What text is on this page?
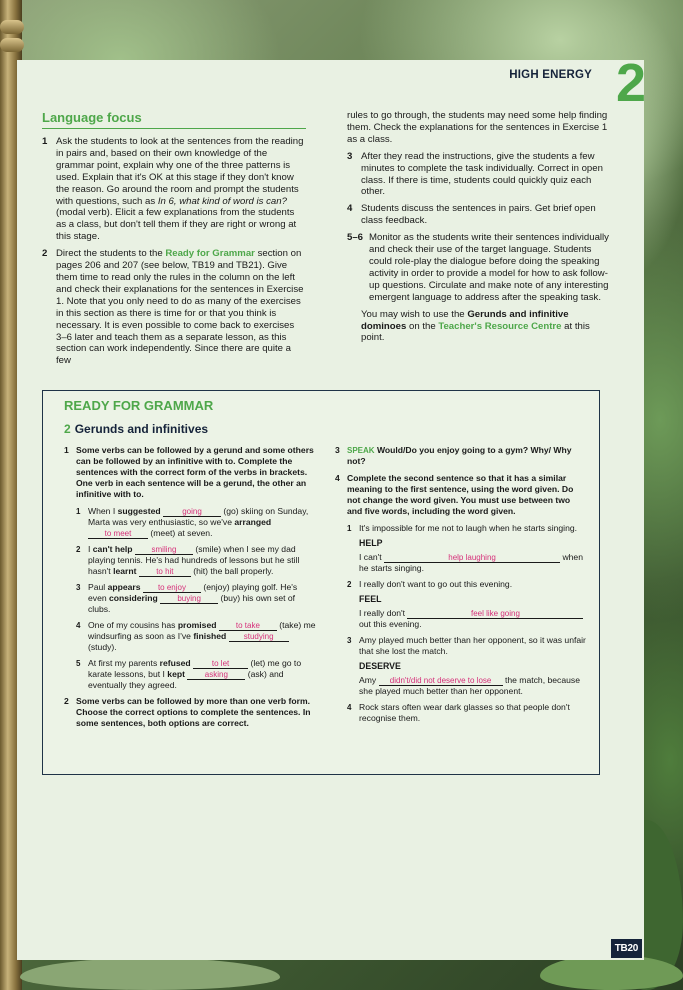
HIGH ENERGY 2
Language focus
1 Ask the students to look at the sentences from the reading in pairs and, based on their own knowledge of the grammar point, explain why one of the three patterns is used. Explain that it's OK at this stage if they don't know the reason. Go around the room and prompt the students with questions, such as In 6, what kind of word is can? (modal verb). Elicit a few explanations from the students as a class, but don't tell them if they are right or wrong at this stage.
2 Direct the students to the Ready for Grammar section on pages 206 and 207 (see below, TB19 and TB21). Give them time to read only the rules in the column on the left and check their explanations for the sentences in Exercise 1. Note that you only need to do as many of the exercises in this section as there is time for or that you think is necessary. It is even possible to come back to exercises 3–6 later and teach them as a separate lesson, as this section can work independently. Since there are quite a few
rules to go through, the students may need some help finding them. Check the explanations for the sentences in Exercise 1 as a class.
3 After they read the instructions, give the students a few minutes to complete the task individually. Correct in open class. If there is time, students could quickly quiz each other.
4 Students discuss the sentences in pairs. Get brief open class feedback.
5–6 Monitor as the students write their sentences individually and check their use of the target language. Students could role-play the dialogue before doing the speaking activity in order to provide a model for how to ask follow-up questions. Circulate and make note of any interesting emergent language to address after the speaking task.
You may wish to use the Gerunds and infinitive dominoes on the Teacher's Resource Centre at this point.
READY FOR GRAMMAR
2 Gerunds and infinitives
1 Some verbs can be followed by a gerund and some others can be followed by an infinitive with to. Complete the sentences with the correct form of the verbs in brackets. One verb in each sentence will be a gerund, the other an infinitive with to.
1 When I suggested	going (go) skiing on Sunday, Marta was very enthusiastic, so we've arranged to meet (meet) at seven.
2 I can't help smiling (smile) when I see my dad playing tennis. He's had hundreds of lessons but he still hasn't learnt to hit (hit) the ball properly.
3 Paul appears to enjoy (enjoy) playing golf. He's even considering buying (buy) his own set of clubs.
4 One of my cousins has promised to take (take) me windsurfing as soon as I've finished studying (study).
5 At first my parents refused	to let (let) me go to karate lessons, but I kept asking (ask) and eventually they agreed.
2 Some verbs can be followed by more than one verb form. Choose the correct options to complete the sentences. In some sentences, both options are correct.
3 SPEAK Would/Do you enjoy going to a gym? Why/ Why not?
4 Complete the second sentence so that it has a similar meaning to the first sentence, using the word given. Do not change the word given. You must use between two and five words, including the word given.
1 It's impossible for me not to laugh when he starts singing.
HELP
I can't	help laughing	when he starts singing.
2 I really don't want to go out this evening.
FEEL
I really don't	feel like going out this evening.
3 Amy played much better than her opponent, so it was unfair that she lost the match.
DESERVE
Amy didn't/did not deserve to lose the match, because she played much better than her opponent.
4 Rock stars often wear dark glasses so that people don't recognise them.
TB20
